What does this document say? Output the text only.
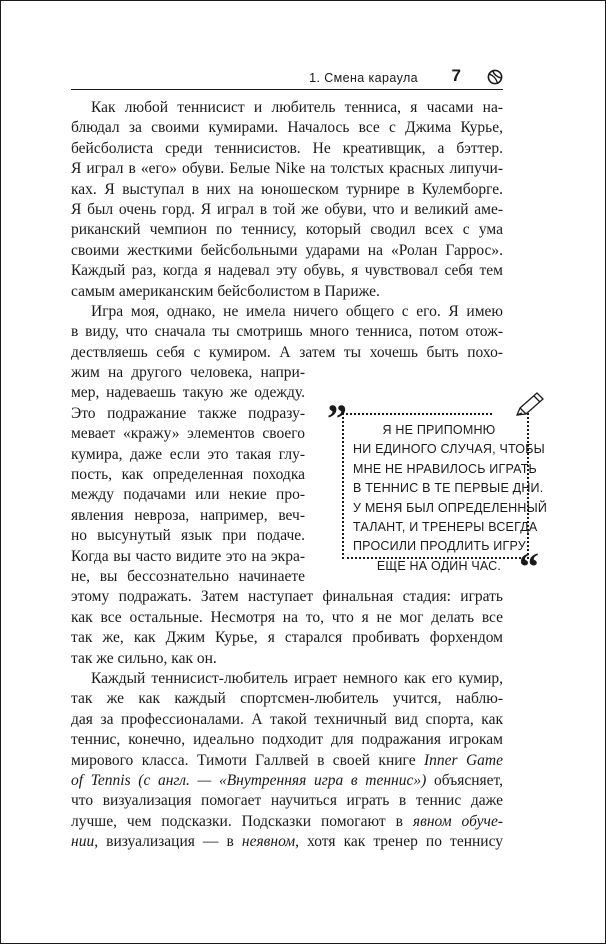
1. Смена караула 7
Как любой теннисист и любитель тенниса, я часами на-
блюдал за своими кумирами. Началось все с Джима Курье,
бейсболиста среди теннисистов. Не креативщик, а бэттер.
Я играл в «его» обуви. Белые Nike на толстых красных липучи-
ках. Я выступал в них на юношеском турнире в Кулемборге.
Я был очень горд. Я играл в той же обуви, что и великий аме-
риканский чемпион по теннису, который сводил всех с ума
своими жесткими бейсбольными ударами на «Ролан Гаррос».
Каждый раз, когда я надевал эту обувь, я чувствовал себя тем
самым американским бейсболистом в Париже.
Игра моя, однако, не имела ничего общего с его. Я имею
в виду, что сначала ты смотришь много тенниса, потом отож-
дествляешь себя с кумиром. А затем ты хочешь быть похо-
жим на другого человека, напри-
мер, надеваешь такую же одежду.
Это подражание также подразу-
мевает «кражу» элементов своего
кумира, даже если это такая глу-
пость, как определенная походка
между подачами или некие про-
явления невроза, например, веч-
но высунутый язык при подаче.
Когда вы часто видите это на экра-
не, вы бессознательно начинаете
этому подражать. Затем наступает финальная стадия: играть
как все остальные. Несмотря на то, что я не мог делать все
так же, как Джим Курье, я старался пробивать форхендом
так же сильно, как он.
Каждый теннисист-любитель играет немного как его кумир,
так же как каждый спортсмен-любитель учится, наблю-
дая за профессионалами. А такой техничный вид спорта, как
теннис, конечно, идеально подходит для подражания игрокам
мирового класса. Тимоти Галлвей в своей книге Inner Game
of Tennis (с англ. — «Внутренняя игра в теннис») объясняет,
что визуализация помогает научиться играть в теннис даже
лучше, чем подсказки. Подсказки помогают в явном обуче-
нии, визуализация — в неявном, хотя как тренер по теннису
”
“
Я НЕ ПРИПОМНЮ
НИ ЕДИНОГО СЛУЧАЯ, ЧТОБЫ
МНЕ НЕ НРАВИЛОСЬ ИГРАТЬ
В ТЕННИС В ТЕ ПЕРВЫЕ ДНИ.
У МЕНЯ БЫЛ ОПРЕДЕЛЕННЫЙ
ТАЛАНТ, И ТРЕНЕРЫ ВСЕГДА
ПРОСИЛИ ПРОДЛИТЬ ИГРУ
ЕЩЕ НА ОДИН ЧАС.
